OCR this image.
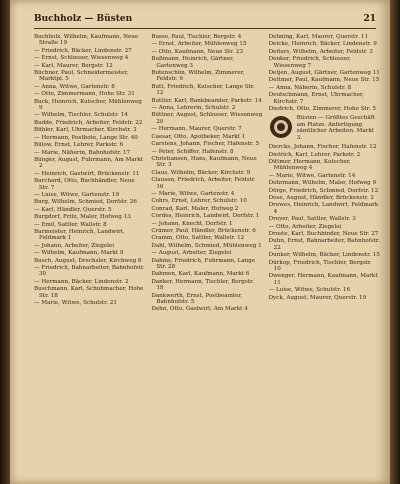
Buchholz — Büsten	21
Buchholz, Wilhelm, Kaufmann, Neue Straße 19
— Friedrich, Bäcker, Lindenstr. 27
— Ernst, Schlosser, Wiesenweg 4
— Karl, Maurer, Bergstr. 12
Büchner, Paul, Schneidermeister, Marktpl. 5
— Anna, Witwe, Gartenstr. 8
— Otto, Zimmermann, Hohe Str. 31
Buck, Heinrich, Kutscher, Mühlenweg 9
— Wilhelm, Tischler, Schulstr. 14
Budde, Friedrich, Arbeiter, Feldstr. 22
Bühler, Karl, Uhrmacher, Kirchstr. 3
— Hermann, Postbote, Lange Str. 40
Bülow, Ernst, Lehrer, Parkstr. 6
— Marie, Näherin, Bahnhofstr. 17
Bünger, August, Fuhrmann, Am Markt 2
— Heinrich, Gastwirt, Brückenstr. 11
Burchard, Otto, Buchhändler, Neue Str. 7
— Luise, Witwe, Gartenstr. 19
Burg, Wilhelm, Schmied, Dorfstr. 26
— Karl, Händler, Querstr. 5
Burgdorf, Fritz, Maler, Hofweg 13
— Emil, Sattler, Wallstr. 8
Burmeister, Heinrich, Landwirt, Feldmark 1
— Johann, Arbeiter, Ziegelei
— Wilhelm, Kaufmann, Markt 9
Busch, August, Drechsler, Kirchweg 6
— Friedrich, Bahnarbeiter, Bahnhofstr. 30
— Hermann, Bäcker, Lindenstr. 2
Buschmann, Karl, Schuhmacher, Hohe Str. 18
— Marie, Witwe, Schulstr. 21
Busse, Paul, Tischler, Bergstr. 4
— Ernst, Arbeiter, Mühlenweg 15
— Otto, Kaufmann, Neue Str. 23
Bußmann, Heinrich, Gärtner, Gartenweg 3
Butenschön, Wilhelm, Zimmerer, Feldstr. 9
Butt, Friedrich, Kutscher, Lange Str. 12
Buttler, Karl, Bankbeamter, Parkstr. 14
— Anna, Lehrerin, Schulstr. 2
Büttner, August, Schlosser, Wiesenweg 20
— Hermann, Maurer, Querstr. 7
Caesar, Otto, Apotheker, Markt 1
Carstens, Johann, Fischer, Hafenstr. 5
— Peter, Schiffer, Hafenstr. 8
Christiansen, Hans, Kaufmann, Neue Str. 3
Claus, Wilhelm, Bäcker, Kirchstr. 9
Clausen, Friedrich, Arbeiter, Feldstr. 16
— Marie, Witwe, Gartenstr. 4
Cohrs, Ernst, Lehrer, Schulstr. 10
Conrad, Karl, Maler, Hofweg 2
Cordes, Heinrich, Landwirt, Dorfstr. 1
— Johann, Knecht, Dorfstr. 1
Crämer, Paul, Händler, Brückenstr. 6
Cramm, Otto, Sattler, Wallstr. 12
Dahl, Wilhelm, Schmied, Mühlenweg 1
— August, Arbeiter, Ziegelei
Dahms, Friedrich, Fuhrmann, Lange Str. 28
Dahmen, Karl, Kaufmann, Markt 6
Danker, Hermann, Tischler, Bergstr. 18
Dankwerth, Ernst, Postbeamter, Bahnhofstr. 5
Dehn, Otto, Gastwirt, Am Markt 4
Dehning, Karl, Maurer, Querstr. 11
Deicke, Heinrich, Bäcker, Lindenstr. 9
Deiters, Wilhelm, Arbeiter, Feldstr. 3
Denker, Friedrich, Schlosser, Wiesenweg 7
Detjen, August, Gärtner, Gartenweg 11
Dettmer, Paul, Kaufmann, Neue Str. 15
— Anna, Näherin, Schulstr. 8
Deutschmann, Ernst, Uhrmacher, Kirchstr. 7
Diedrich, Otto, Zimmerer, Hohe Str. 5
Büsten — Größtes Geschäft am Platze. Anfertigung sämtlicher Arbeiten. Markt 3.
Diercks, Johann, Fischer, Hafenstr. 12
Dietrich, Karl, Lehrer, Parkstr. 2
Dittmer, Hermann, Kutscher, Mühlenweg 4
— Marie, Witwe, Gartenstr. 14
Dohrmann, Wilhelm, Maler, Hofweg 9
Dörge, Friedrich, Schmied, Dorfstr. 12
Dose, August, Händler, Brückenstr. 2
Drewes, Heinrich, Landwirt, Feldmark 4
Dreyer, Paul, Sattler, Wallstr. 3
— Otto, Arbeiter, Ziegelei
Droste, Karl, Buchbinder, Neue Str. 27
Duhn, Ernst, Bahnarbeiter, Bahnhofstr. 22
Dunker, Wilhelm, Bäcker, Lindenstr. 15
Dürkop, Friedrich, Tischler, Bergstr. 10
Dwenger, Hermann, Kaufmann, Markt 11
— Luise, Witwe, Schulstr. 16
Dyck, August, Maurer, Querstr. 19
